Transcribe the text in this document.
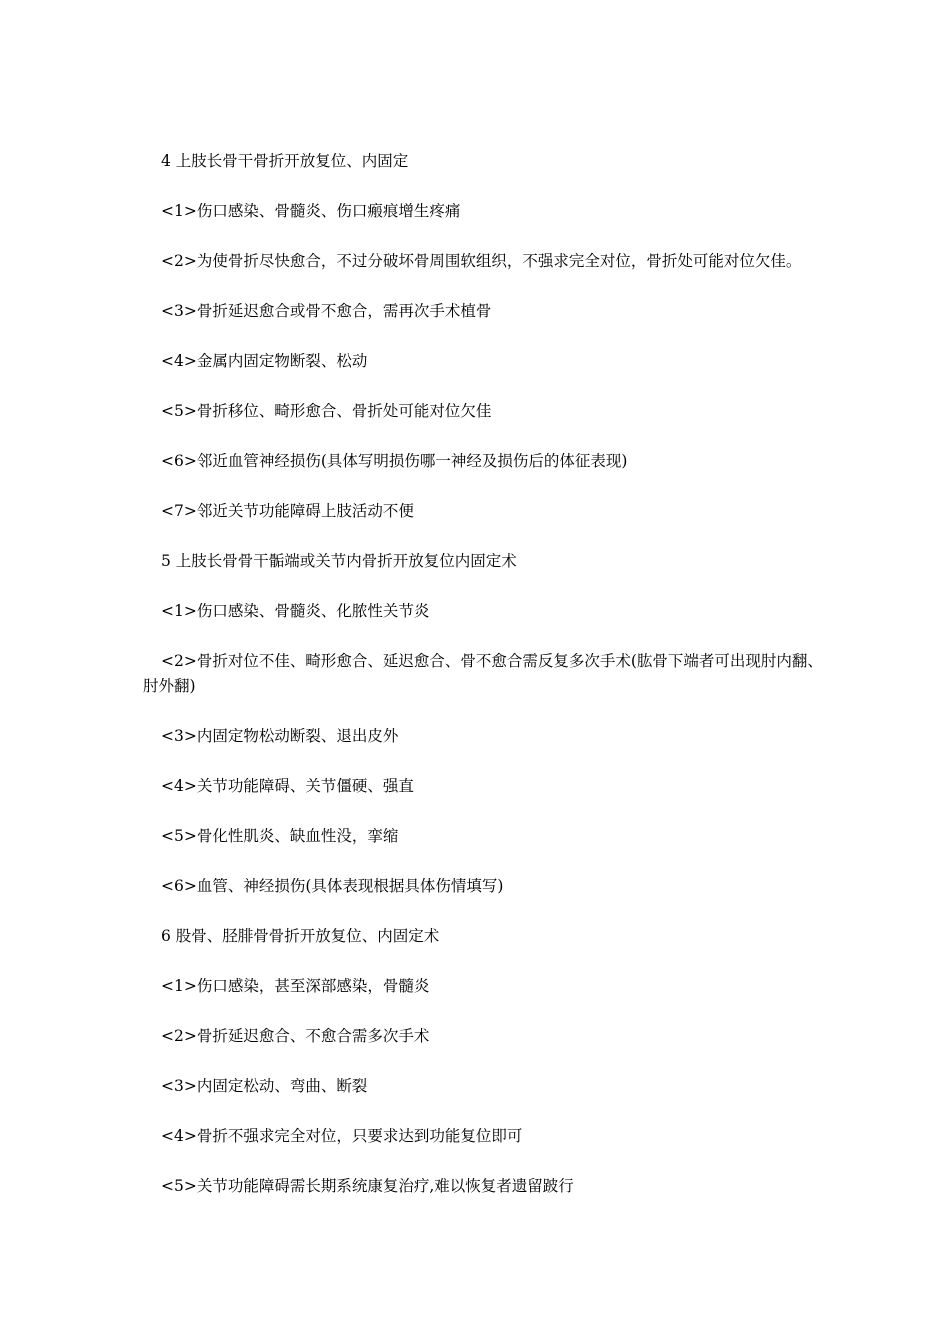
4 上肢长骨干骨折开放复位、内固定

<1>伤口感染、骨髓炎、伤口瘢痕增生疼痛

<2>为使骨折尽快愈合，不过分破坏骨周围软组织，不强求完全对位，骨折处可能对位欠佳。

<3>骨折延迟愈合或骨不愈合，需再次手术植骨

<4>金属内固定物断裂、松动

<5>骨折移位、畸形愈合、骨折处可能对位欠佳

<6>邻近血管神经损伤(具体写明损伤哪一神经及损伤后的体征表现)

<7>邻近关节功能障碍上肢活动不便

5 上肢长骨骨干骺端或关节内骨折开放复位内固定术

<1>伤口感染、骨髓炎、化脓性关节炎

<2>骨折对位不佳、畸形愈合、延迟愈合、骨不愈合需反复多次手术(肱骨下端者可出现肘内翻、肘外翻)

<3>内固定物松动断裂、退出皮外

<4>关节功能障碍、关节僵硬、强直

<5>骨化性肌炎、缺血性没，挛缩

<6>血管、神经损伤(具体表现根据具体伤情填写)

6 股骨、胫腓骨骨折开放复位、内固定术

<1>伤口感染，甚至深部感染，骨髓炎

<2>骨折延迟愈合、不愈合需多次手术

<3>内固定松动、弯曲、断裂

<4>骨折不强求完全对位，只要求达到功能复位即可

<5>关节功能障碍需长期系统康复治疗,难以恢复者遗留跛行
